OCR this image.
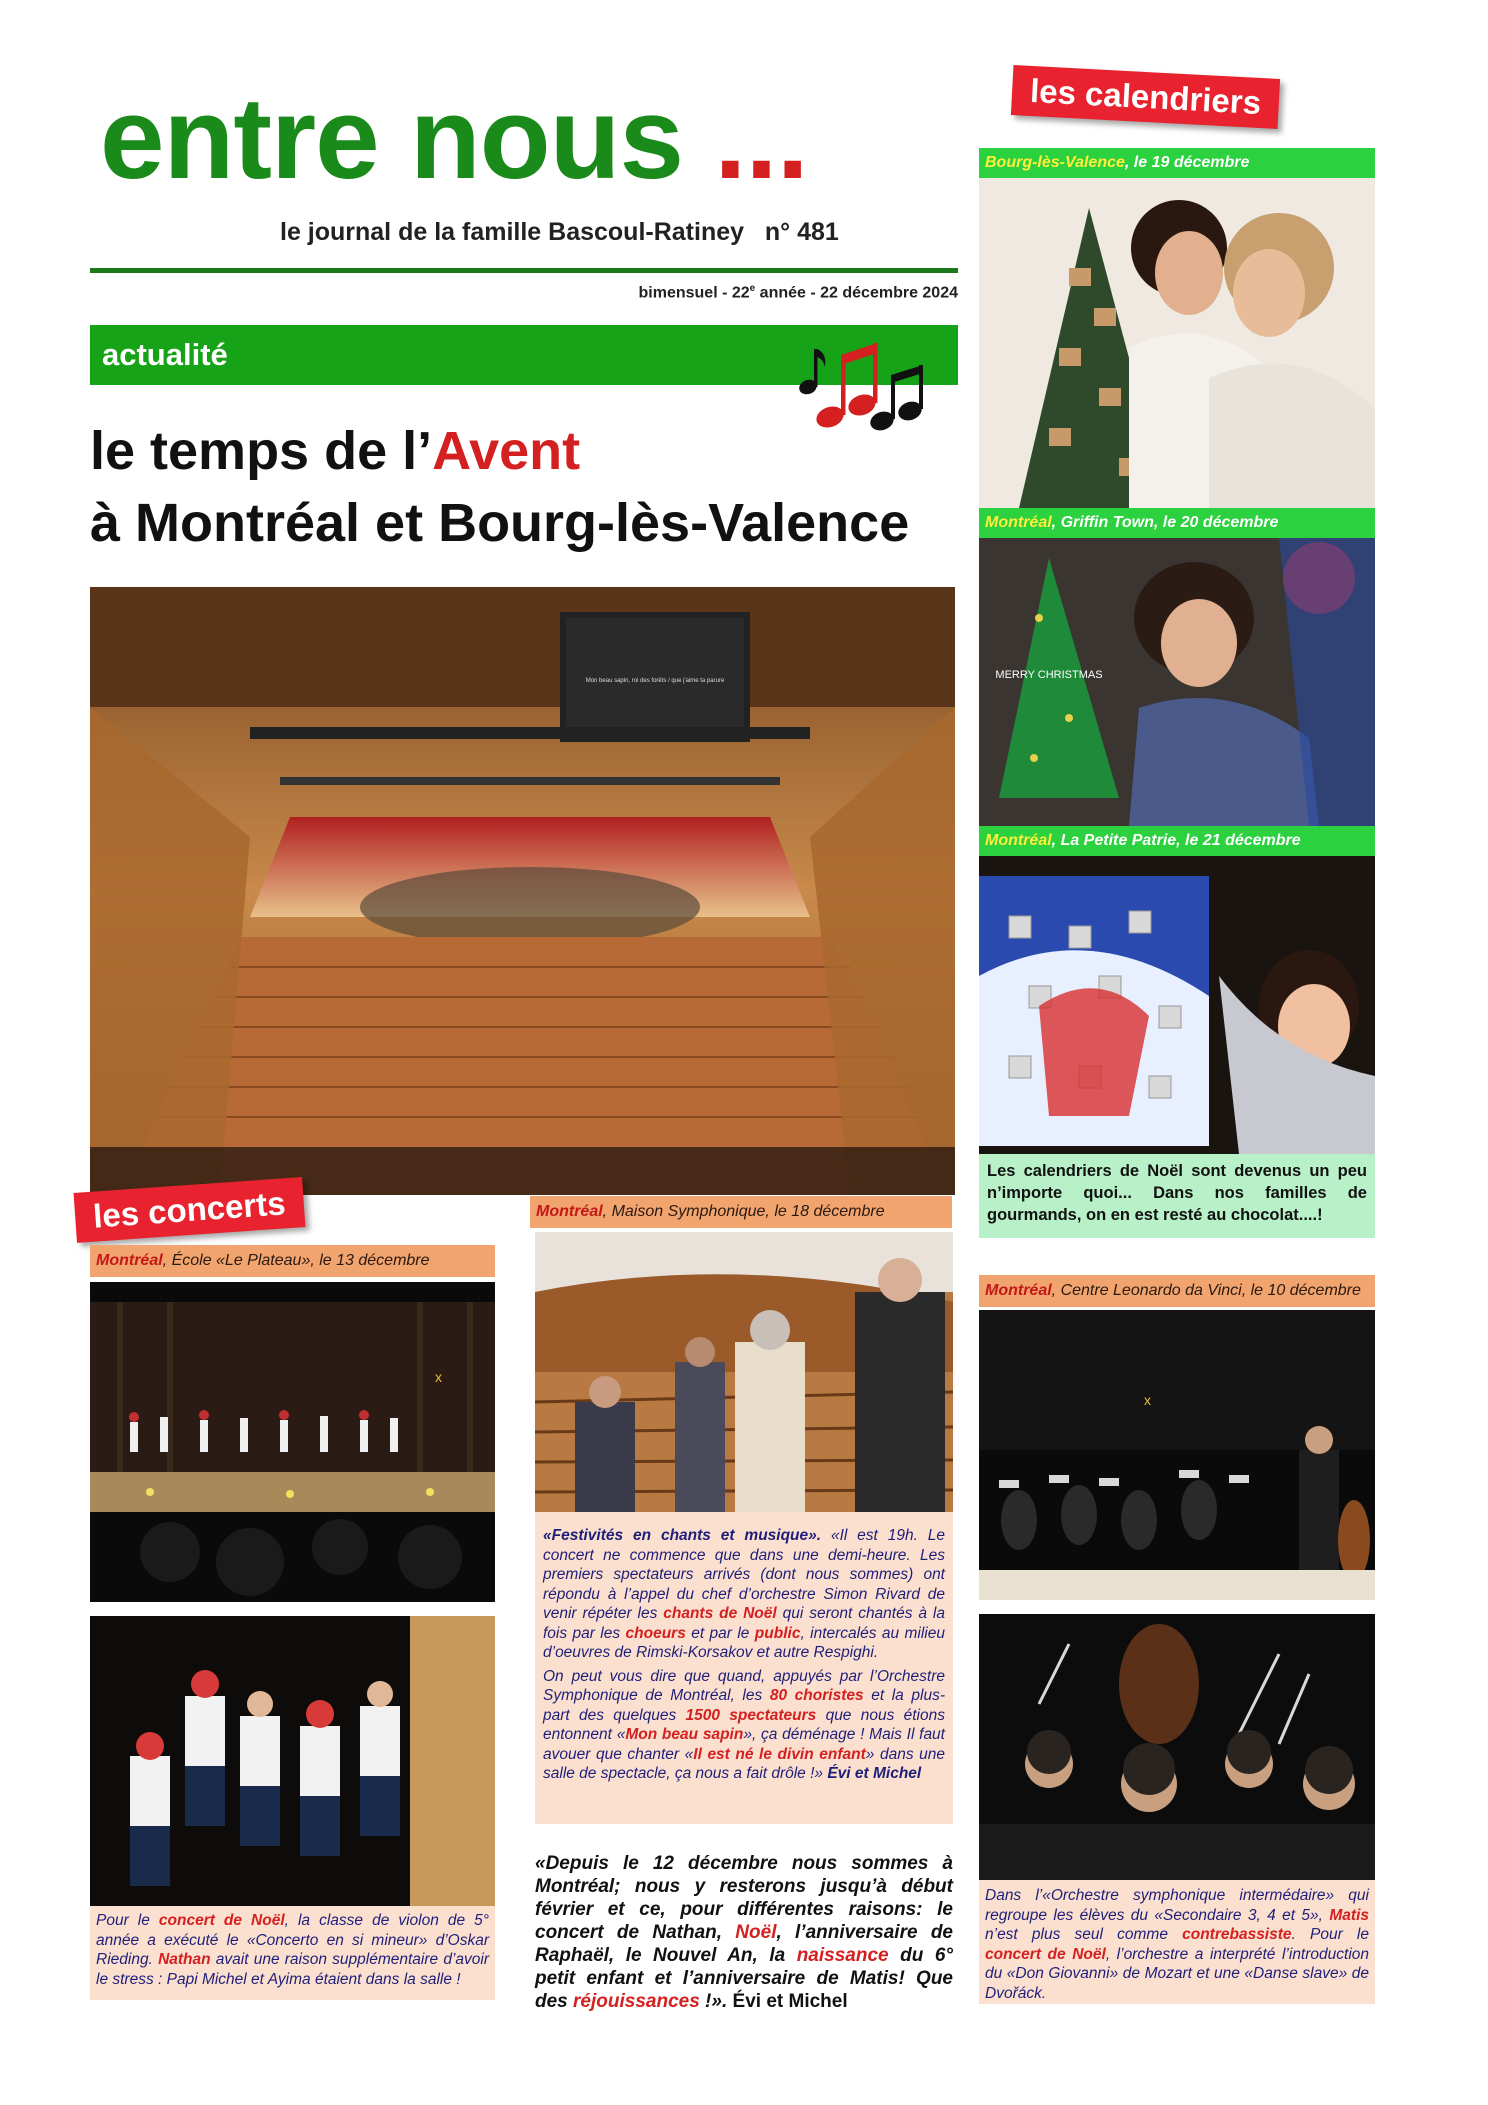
entre nous ...
le journal de la famille Bascoul-Ratiney n° 481
bimensuel - 22e année - 22 décembre 2024
actualité
le temps de l’Avent
à Montréal et Bourg-lès-Valence
Mon beau sapin, roi des forêts / que j'aime ta parure
les calendriers
Bourg-lès-Valence, le 19 décembre
Montréal, Griffin Town, le 20 décembre
MERRY CHRISTMAS
Montréal, La Petite Patrie, le 21 décembre
Les calendriers de Noël sont devenus un peu n’importe quoi... Dans nos familles de gourmands, on en est resté au chocolat....!
les concerts
Montréal, École «Le Plateau», le 13 décembre
x
Pour le concert de Noël, la classe de violon de 5° année a exécuté le «Concerto en si mineur» d’Oskar Rieding. Nathan avait une raison supplémentaire d’avoir le stress : Papi Michel et Ayima étaient dans la salle !
Montréal, Maison Symphonique, le 18 décembre
«Festivités en chants et musique». «Il est 19h. Le concert ne commence que dans une demi-heure. Les premiers spectateurs arrivés (dont nous sommes) ont répondu à l’appel du chef d’orchestre Simon Rivard de venir répéter les chants de Noël qui seront chantés à la fois par les choeurs et par le public, intercalés au milieu d’oeuvres de Rimski-Korsakov et autre Respighi.
On peut vous dire que quand, appuyés par l’Orchestre Symphonique de Montréal, les 80 choristes et la plus-part des quelques 1500 spectateurs que nous étions entonnent «Mon beau sapin», ça déménage ! Mais Il faut avouer que chanter «Il est né le divin enfant» dans une salle de spectacle, ça nous a fait drôle !» Évi et Michel
«Depuis le 12 décembre nous sommes à Montréal; nous y resterons jusqu’à début février et ce, pour différentes raisons: le concert de Nathan, Noël, l’anniversaire de Raphaël, le Nouvel An, la naissance du 6° petit enfant et l’anniversaire de Matis! Que des réjouissances !». Évi et Michel
Montréal, Centre Leonardo da Vinci, le 10 décembre
x
Dans l’«Orchestre symphonique intermédaire» qui regroupe les élèves du «Secondaire 3, 4 et 5», Matis n’est plus seul comme contrebassiste. Pour le concert de Noël, l’orchestre a interprété l’introduction du «Don Giovanni» de Mozart et une «Danse slave» de Dvořáck.
